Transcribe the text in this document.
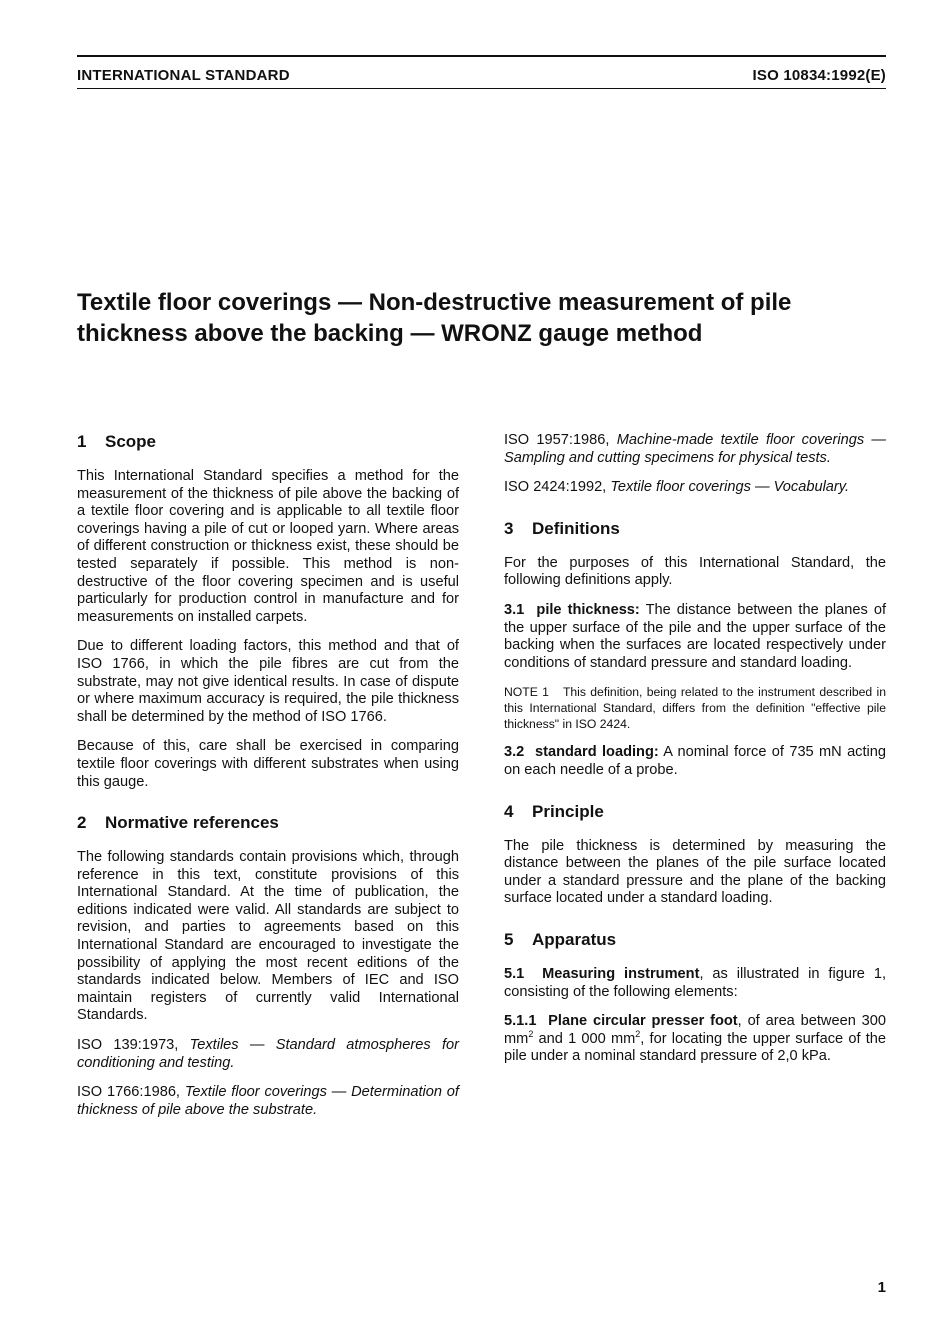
INTERNATIONAL STANDARD	ISO 10834:1992(E)
Textile floor coverings — Non-destructive measurement of pile
thickness above the backing — WRONZ gauge method
1 Scope

This International Standard specifies a method for the measurement of the thickness of pile above the backing of a textile floor covering and is applicable to all textile floor coverings having a pile of cut or looped yarn. Where areas of different construction or thickness exist, these should be tested separately if possible. This method is non-destructive of the floor covering specimen and is useful particularly for production control in manufacture and for measurements on installed carpets.

Due to different loading factors, this method and that of ISO 1766, in which the pile fibres are cut from the substrate, may not give identical results. In case of dispute or where maximum accuracy is required, the pile thickness shall be determined by the method of ISO 1766.

Because of this, care shall be exercised in comparing textile floor coverings with different substrates when using this gauge.

2 Normative references

The following standards contain provisions which, through reference in this text, constitute provisions of this International Standard. At the time of publication, the editions indicated were valid. All standards are subject to revision, and parties to agreements based on this International Standard are encouraged to investigate the possibility of applying the most recent editions of the standards indicated below. Members of IEC and ISO maintain registers of currently valid International Standards.

ISO 139:1973, Textiles — Standard atmospheres for conditioning and testing.

ISO 1766:1986, Textile floor coverings — Determination of thickness of pile above the substrate.

ISO 1957:1986, Machine-made textile floor coverings — Sampling and cutting specimens for physical tests.

ISO 2424:1992, Textile floor coverings — Vocabulary.

3 Definitions

For the purposes of this International Standard, the following definitions apply.

3.1 pile thickness: The distance between the planes of the upper surface of the pile and the upper surface of the backing when the surfaces are located respectively under conditions of standard pressure and standard loading.

NOTE 1 This definition, being related to the instrument described in this International Standard, differs from the definition "effective pile thickness" in ISO 2424.

3.2 standard loading: A nominal force of 735 mN acting on each needle of a probe.

4 Principle

The pile thickness is determined by measuring the distance between the planes of the pile surface located under a standard pressure and the plane of the backing surface located under a standard loading.

5 Apparatus

5.1 Measuring instrument, as illustrated in figure 1, consisting of the following elements:

5.1.1 Plane circular presser foot, of area between 300 $mm^2$ and 1 000 $mm^2$, for locating the upper surface of the pile under a nominal standard pressure of 2,0 kPa.

1
